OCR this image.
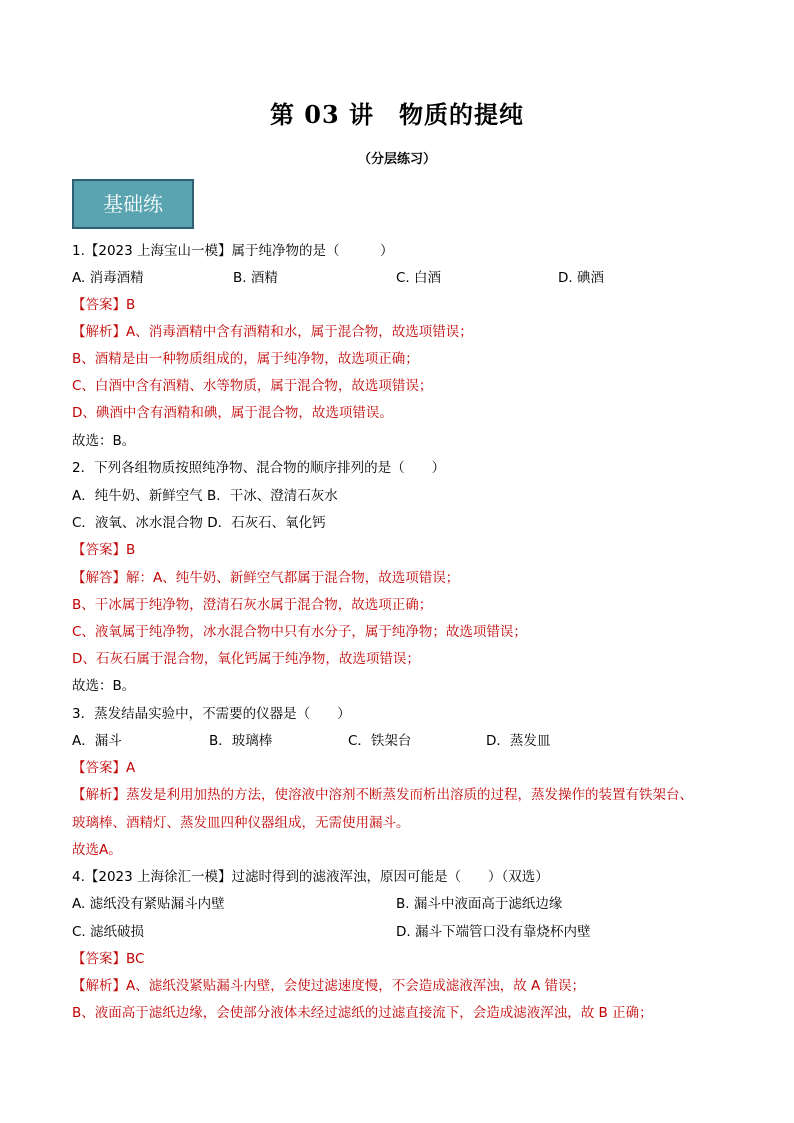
第 03 讲　物质的提纯
（分层练习）
基础练
1.【2023 上海宝山一模】属于纯净物的是（　　　）
A. 消毒酒精	B. 酒精	C. 白酒	D. 碘酒
【答案】B
【解析】A、消毒酒精中含有酒精和水，属于混合物，故选项错误；
B、酒精是由一种物质组成的，属于纯净物，故选项正确；
C、白酒中含有酒精、水等物质，属于混合物，故选项错误；
D、碘酒中含有酒精和碘，属于混合物，故选项错误。
故选：B。
2．下列各组物质按照纯净物、混合物的顺序排列的是（　　）
A．纯牛奶、新鲜空气 B．干冰、澄清石灰水
C．液氧、冰水混合物 D．石灰石、氧化钙
【答案】B
【解答】解：A、纯牛奶、新鲜空气都属于混合物，故选项错误；
B、干冰属于纯净物，澄清石灰水属于混合物，故选项正确；
C、液氧属于纯净物，冰水混合物中只有水分子，属于纯净物；故选项错误；
D、石灰石属于混合物，氧化钙属于纯净物，故选项错误；
故选：B。
3．蒸发结晶实验中，不需要的仪器是（　　）
A．漏斗	B．玻璃棒	C．铁架台	D．蒸发皿
【答案】A
【解析】蒸发是利用加热的方法，使溶液中溶剂不断蒸发而析出溶质的过程，蒸发操作的装置有铁架台、
玻璃棒、酒精灯、蒸发皿四种仪器组成，无需使用漏斗。
故选A。
4.【2023 上海徐汇一模】过滤时得到的滤液浑浊，原因可能是（　　）（双选）
A. 滤纸没有紧贴漏斗内壁	B. 漏斗中液面高于滤纸边缘
C. 滤纸破损	D. 漏斗下端管口没有靠烧杯内壁
【答案】BC
【解析】A、滤纸没紧贴漏斗内壁，会使过滤速度慢，不会造成滤液浑浊，故 A 错误；
B、液面高于滤纸边缘，会使部分液体未经过滤纸的过滤直接流下，会造成滤液浑浊，故 B 正确；
